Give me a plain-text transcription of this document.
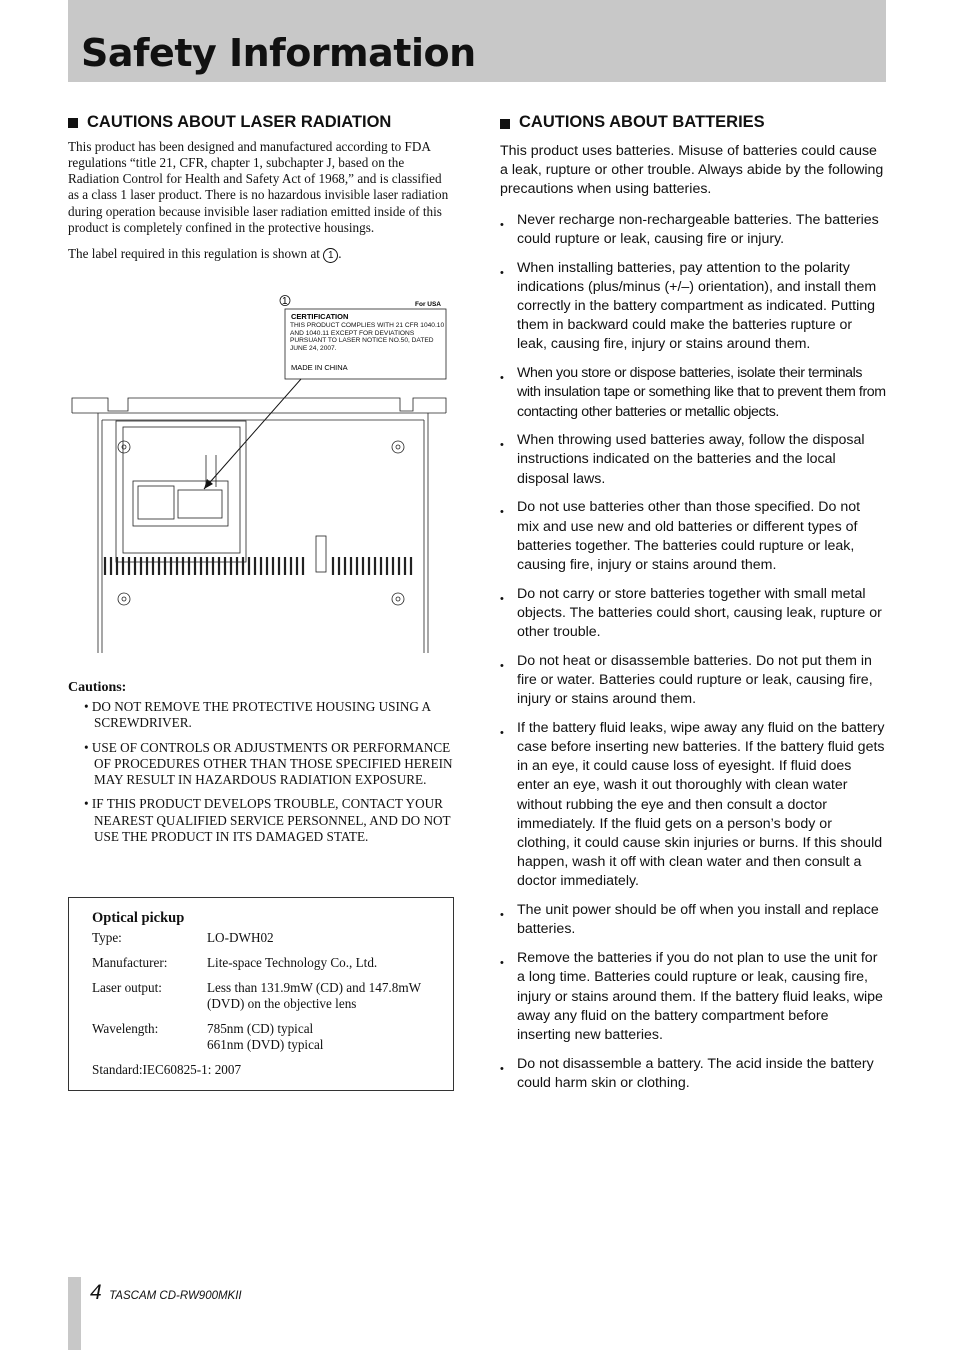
Safety Information
CAUTIONS ABOUT LASER RADIATION

This product has been designed and manufactured according to FDA regulations “title 21, CFR, chapter 1, subchapter J, based on the Radiation Control for Health and Safety Act of 1968,” and is classified as a class 1 laser product. There is no hazardous invisible laser radiation during operation because invisible laser radiation emitted inside of this product is completely confined in the protective housings.

The label required in this regulation is shown at 1 .
1	For USA
CERTIFICATION
THIS PRODUCT COMPLIES WITH 21 CFR 1040.10 AND 1040.11 EXCEPT FOR DEVIATIONS PURSUANT TO LASER NOTICE NO.50, DATED JUNE 24, 2007.
MADE IN CHINA
Cautions:
• DO NOT REMOVE THE PROTECTIVE HOUSING USING A SCREWDRIVER.
• USE OF CONTROLS OR ADJUSTMENTS OR PERFORMANCE OF PROCEDURES OTHER THAN THOSE SPECIFIED HEREIN MAY RESULT IN HAZARDOUS RADIATION EXPOSURE.
• IF THIS PRODUCT DEVELOPS TROUBLE, CONTACT YOUR NEAREST QUALIFIED SERVICE PERSONNEL, AND DO NOT USE THE PRODUCT IN ITS DAMAGED STATE.
Optical pickup
Type:	LO-DWH02
Manufacturer:	Lite-space Technology Co., Ltd.
Laser output:	Less than 131.9mW (CD) and 147.8mW (DVD) on the objective lens
Wavelength:	785nm (CD) typical
661nm (DVD) typical
Standard:IEC60825-1: 2007
CAUTIONS ABOUT BATTERIES

This product uses batteries. Misuse of batteries could cause a leak, rupture or other trouble. Always abide by the following precautions when using batteries.

• Never recharge non-rechargeable batteries. The batteries could rupture or leak, causing fire or injury.
• When installing batteries, pay attention to the polarity indications (plus/minus (+/–) orientation), and install them correctly in the battery compartment as indicated. Putting them in backward could make the batteries rupture or leak, causing fire, injury or stains around them.
• When you store or dispose batteries, isolate their terminals with insulation tape or something like that to prevent them from contacting other batteries or metallic objects.
• When throwing used batteries away, follow the disposal instructions indicated on the batteries and the local disposal laws.
• Do not use batteries other than those specified. Do not mix and use new and old batteries or different types of batteries together. The batteries could rupture or leak, causing fire, injury or stains around them.
• Do not carry or store batteries together with small metal objects. The batteries could short, causing leak, rupture or other trouble.
• Do not heat or disassemble batteries. Do not put them in fire or water. Batteries could rupture or leak, causing fire, injury or stains around them.
• If the battery fluid leaks, wipe away any fluid on the battery case before inserting new batteries. If the battery fluid gets in an eye, it could cause loss of eyesight. If fluid does enter an eye, wash it out thoroughly with clean water without rubbing the eye and then consult a doctor immediately. If the fluid gets on a person’s body or clothing, it could cause skin injuries or burns. If this should happen, wash it off with clean water and then consult a doctor immediately.
• The unit power should be off when you install and replace batteries.
• Remove the batteries if you do not plan to use the unit for a long time. Batteries could rupture or leak, causing fire, injury or stains around them. If the battery fluid leaks, wipe away any fluid on the battery compartment before inserting new batteries.
• Do not disassemble a battery. The acid inside the battery could harm skin or clothing.
4 TASCAM CD-RW900MKII
